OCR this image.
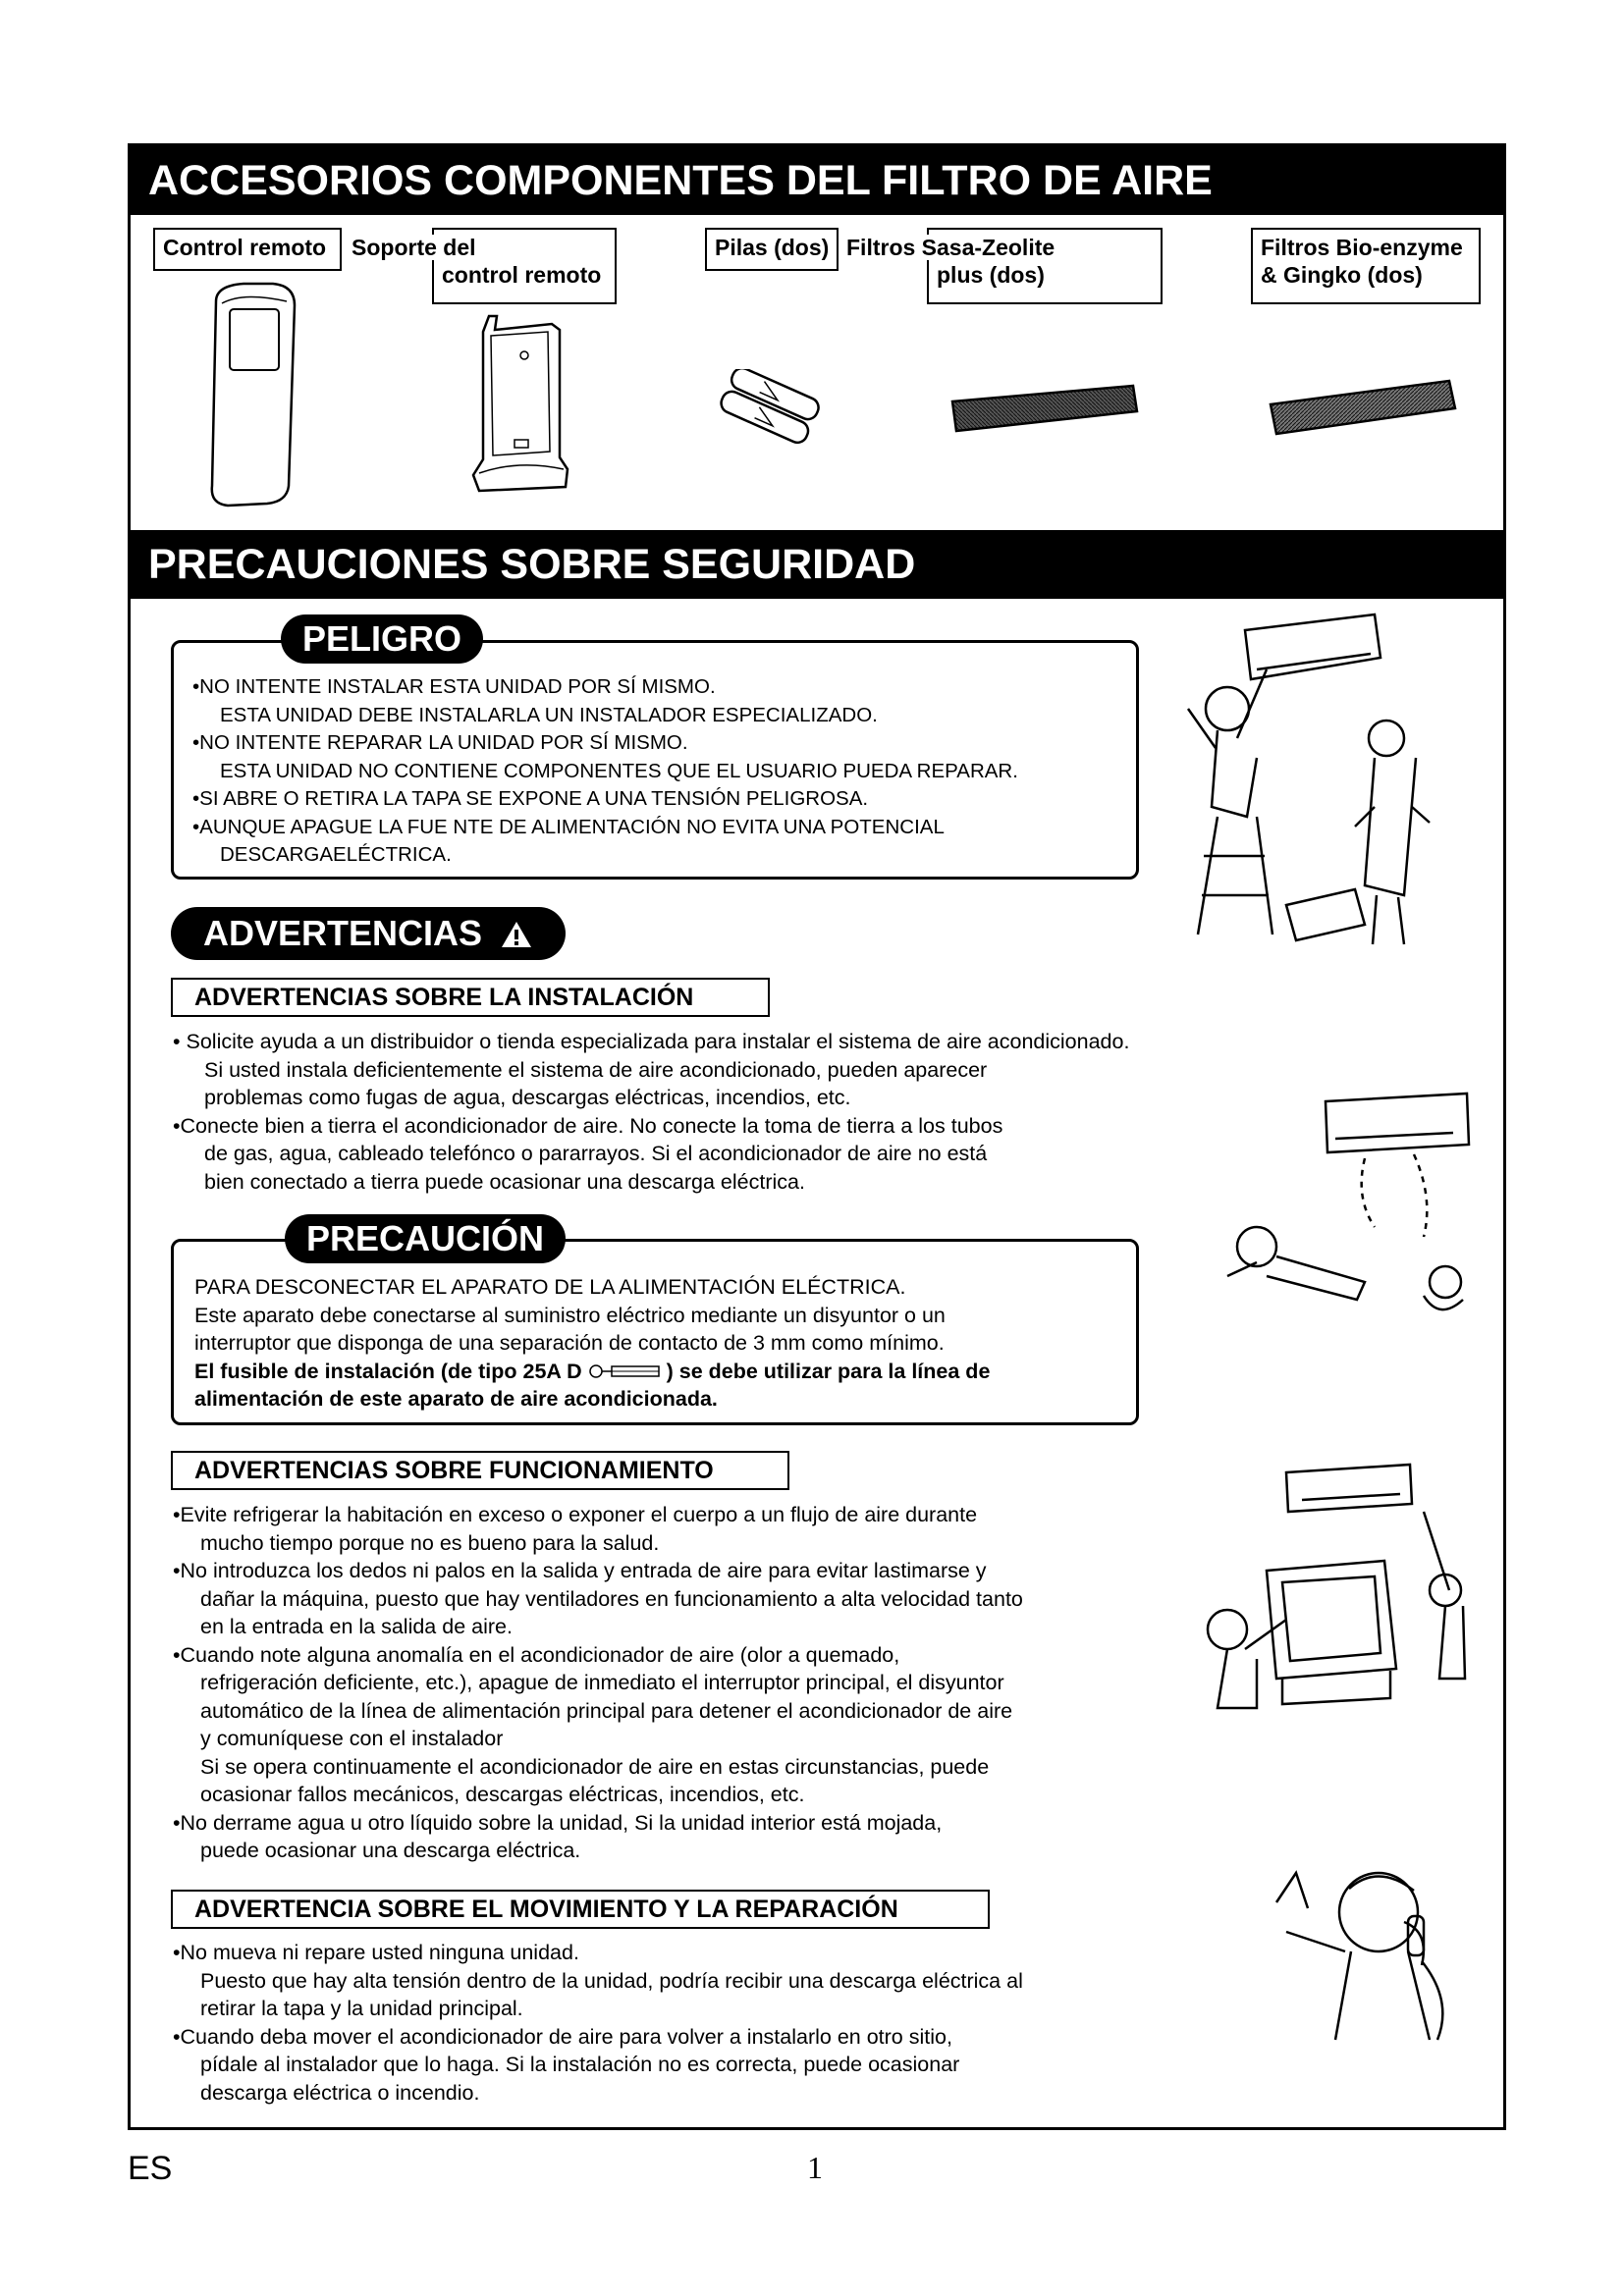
ACCESORIOS COMPONENTES DEL FILTRO DE AIRE
Control remoto	Soporte del
control remoto
Pilas (dos) Filtros Sasa-Zeolite
plus (dos)
Filtros Bio-enzyme
& Gingko (dos)
PRECAUCIONES SOBRE SEGURIDAD
PELIGRO
•NO INTENTE INSTALAR ESTA UNIDAD POR SÍ MISMO.
ESTA UNIDAD DEBE INSTALARLA UN INSTALADOR ESPECIALIZADO.
•NO INTENTE REPARAR LA UNIDAD POR SÍ MISMO.
ESTA UNIDAD NO CONTIENE COMPONENTES QUE EL USUARIO PUEDA REPARAR.
•SI ABRE O RETIRA LA TAPA SE EXPONE A UNA TENSIÓN PELIGROSA.
•AUNQUE APAGUE LA FUE NTE DE ALIMENTACIÓN NO EVITA UNA POTENCIAL
DESCARGAELÉCTRICA.
ADVERTENCIAS
ADVERTENCIAS SOBRE LA INSTALACIÓN
• Solicite ayuda a un distribuidor o tienda especializada para instalar el sistema de aire acondicionado.
Si usted instala deficientemente el sistema de aire acondicionado, pueden aparecer
problemas como fugas de agua, descargas eléctricas, incendios, etc.
•Conecte bien a tierra el acondicionador de aire. No conecte la toma de tierra a los tubos
de gas, agua, cableado telefónco o pararrayos. Si el acondicionador de aire no está
bien conectado a tierra puede ocasionar una descarga eléctrica.
PRECAUCIÓN
PARA DESCONECTAR EL APARATO DE LA ALIMENTACIÓN ELÉCTRICA.
Este aparato debe conectarse al suministro eléctrico mediante un disyuntor o un
interruptor que disponga de una separación de contacto de 3 mm como mínimo.
El fusible de instalación (de tipo 25A D	) se debe utilizar para la línea de
alimentación de este aparato de aire acondicionada.
ADVERTENCIAS SOBRE FUNCIONAMIENTO
•Evite refrigerar la habitación en exceso o exponer el cuerpo a un flujo de aire durante
mucho tiempo porque no es bueno para la salud.
•No introduzca los dedos ni palos en la salida y entrada de aire para evitar lastimarse y
dañar la máquina, puesto que hay ventiladores en funcionamiento a alta velocidad tanto
en la entrada en la salida de aire.
•Cuando note alguna anomalía en el acondicionador de aire (olor a quemado,
refrigeración deficiente, etc.), apague de inmediato el interruptor principal, el disyuntor
automático de la línea de alimentación principal para detener el acondicionador de aire
y comuníquese con el instalador
Si se opera continuamente el acondicionador de aire en estas circunstancias, puede
ocasionar fallos mecánicos, descargas eléctricas, incendios, etc.
•No derrame agua u otro líquido sobre la unidad, Si la unidad interior está mojada,
puede ocasionar una descarga eléctrica.
ADVERTENCIA SOBRE EL MOVIMIENTO Y LA REPARACIÓN
•No mueva ni repare usted ninguna unidad.
Puesto que hay alta tensión dentro de la unidad, podría recibir una descarga eléctrica al
retirar la tapa y la unidad principal.
•Cuando deba mover el acondicionador de aire para volver a instalarlo en otro sitio,
pídale al instalador que lo haga. Si la instalación no es correcta, puede ocasionar
descarga eléctrica o incendio.
ES	1
